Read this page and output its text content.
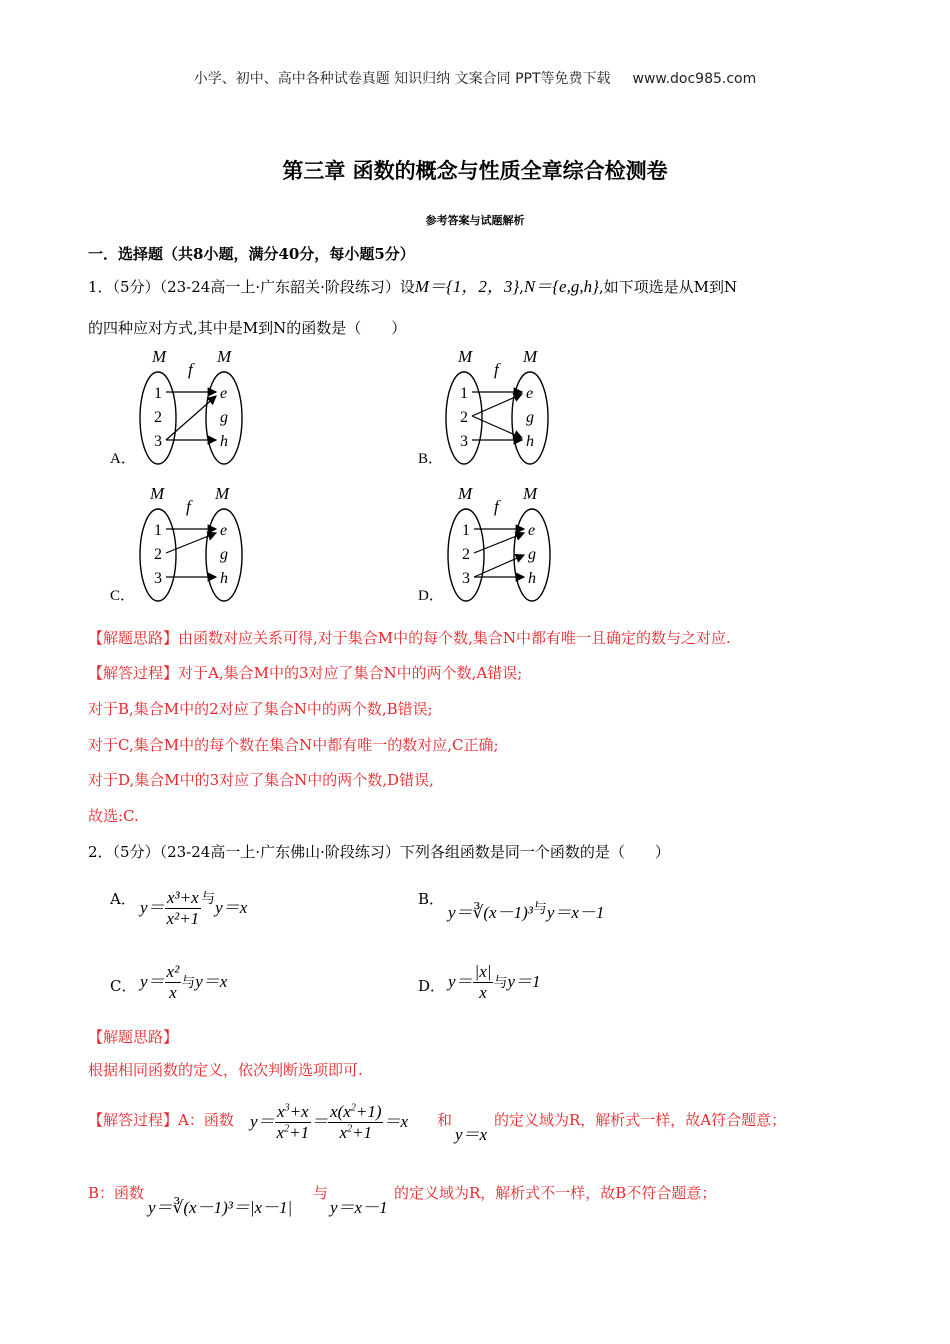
小学、初中、高中各种试卷真题 知识归纳 文案合同 PPT等免费下载 www.doc985.com
第三章 函数的概念与性质全章综合检测卷
参考答案与试题解析
一．选择题（共8小题，满分40分，每小题5分）
1．（5分）（23-24高一上·广东韶关·阶段练习）设M＝{1，2，3},N＝{e,g,h},如下项选是从M到N
的四种应对方式,其中是M到N的函数是（　　）
M
f
M
1
2
3
e
g
h
A．
M
f
M
1
2
3
e
g
h
B．
M
f
M
1
2
3
e
g
h
C．
M
f
M
1
2
3
e
g
h
D．
【解题思路】由函数对应关系可得,对于集合M中的每个数,集合N中都有唯一且确定的数与之对应.
【解答过程】对于A,集合M中的3对应了集合N中的两个数,A错误;
对于B,集合M中的2对应了集合N中的两个数,B错误;
对于C,集合M中的每个数在集合N中都有唯一的数对应,C正确;
对于D,集合M中的3对应了集合N中的两个数,D错误,
故选:C.
2．（5分）（23-24高一上·广东佛山·阶段练习）下列各组函数是同一个函数的是（　　）
A． $y= \frac{\text{x³+x}}{\text{x²+1}}$ 与y＝x	B．
y＝∛(x－1)³与y＝x－1
C． $y= \frac{\text{x²}}{x}$ 与y＝x	D． $y= \frac{|x|}{x}$ 与y＝1
【解题思路】
根据相同函数的定义，依次判断选项即可.
【解答过程】A：函数 $y= \frac{x^3+x}{x^2+1} = \frac{x(x^2+1)}{x^2+1} =x$ 和
y＝x
的定义域为R，解析式一样，故A符合题意；
B：函数
y＝∛(x－1)³＝|x－1|
与
y＝x－1
的定义域为R，解析式不一样，故B不符合题意；
